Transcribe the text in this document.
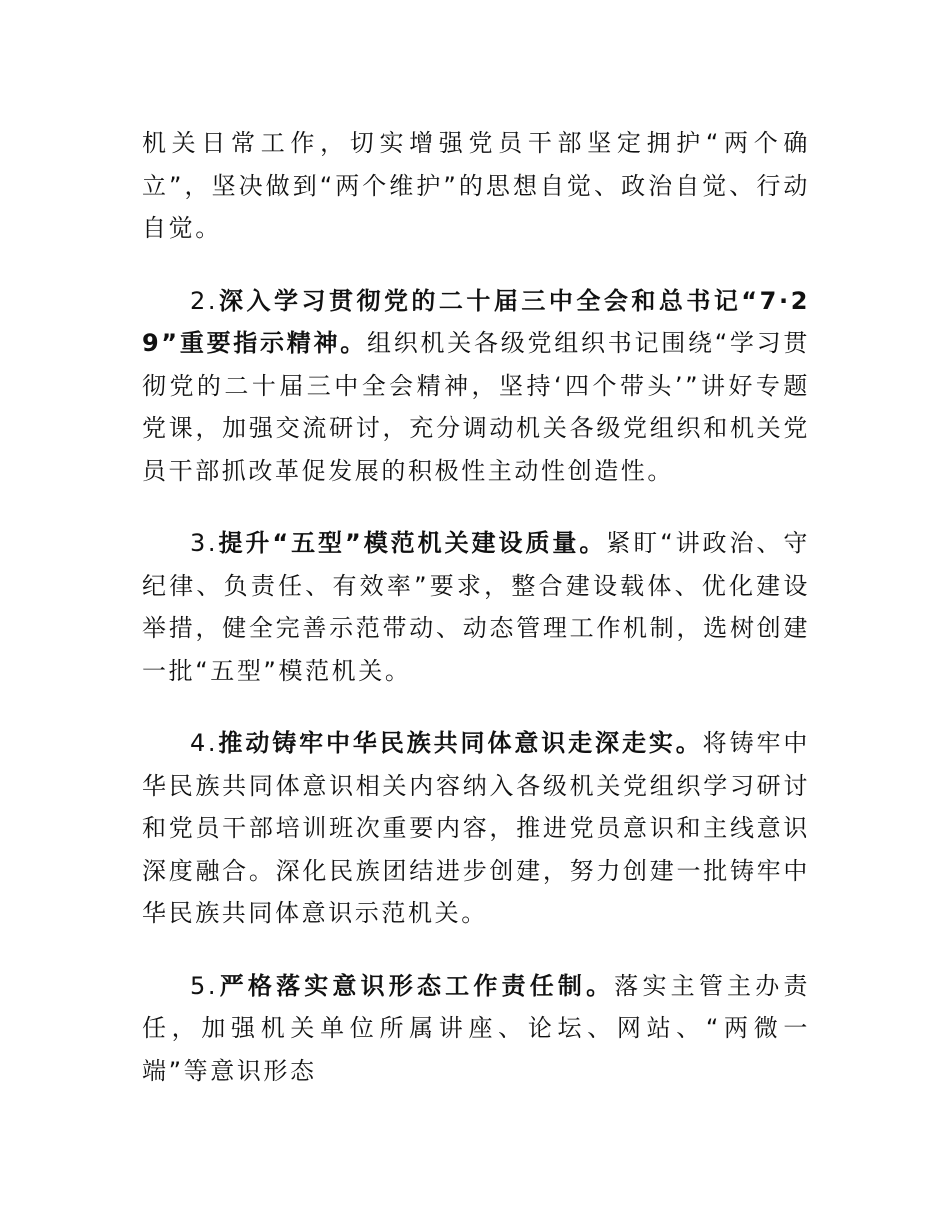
机关日常工作，切实增强党员干部坚定拥护“两个确立”，坚决做到“两个维护”的思想自觉、政治自觉、行动自觉。

2.深入学习贯彻党的二十届三中全会和总书记“7·29”重要指示精神。组织机关各级党组织书记围绕“学习贯彻党的二十届三中全会精神，坚持‘四个带头’”讲好专题党课，加强交流研讨，充分调动机关各级党组织和机关党员干部抓改革促发展的积极性主动性创造性。

3.提升“五型”模范机关建设质量。紧盯“讲政治、守纪律、负责任、有效率”要求，整合建设载体、优化建设举措，健全完善示范带动、动态管理工作机制，选树创建一批“五型”模范机关。

4.推动铸牢中华民族共同体意识走深走实。将铸牢中华民族共同体意识相关内容纳入各级机关党组织学习研讨和党员干部培训班次重要内容，推进党员意识和主线意识深度融合。深化民族团结进步创建，努力创建一批铸牢中华民族共同体意识示范机关。

5.严格落实意识形态工作责任制。落实主管主办责任，加强机关单位所属讲座、论坛、网站、“两微一端”等意识形态
